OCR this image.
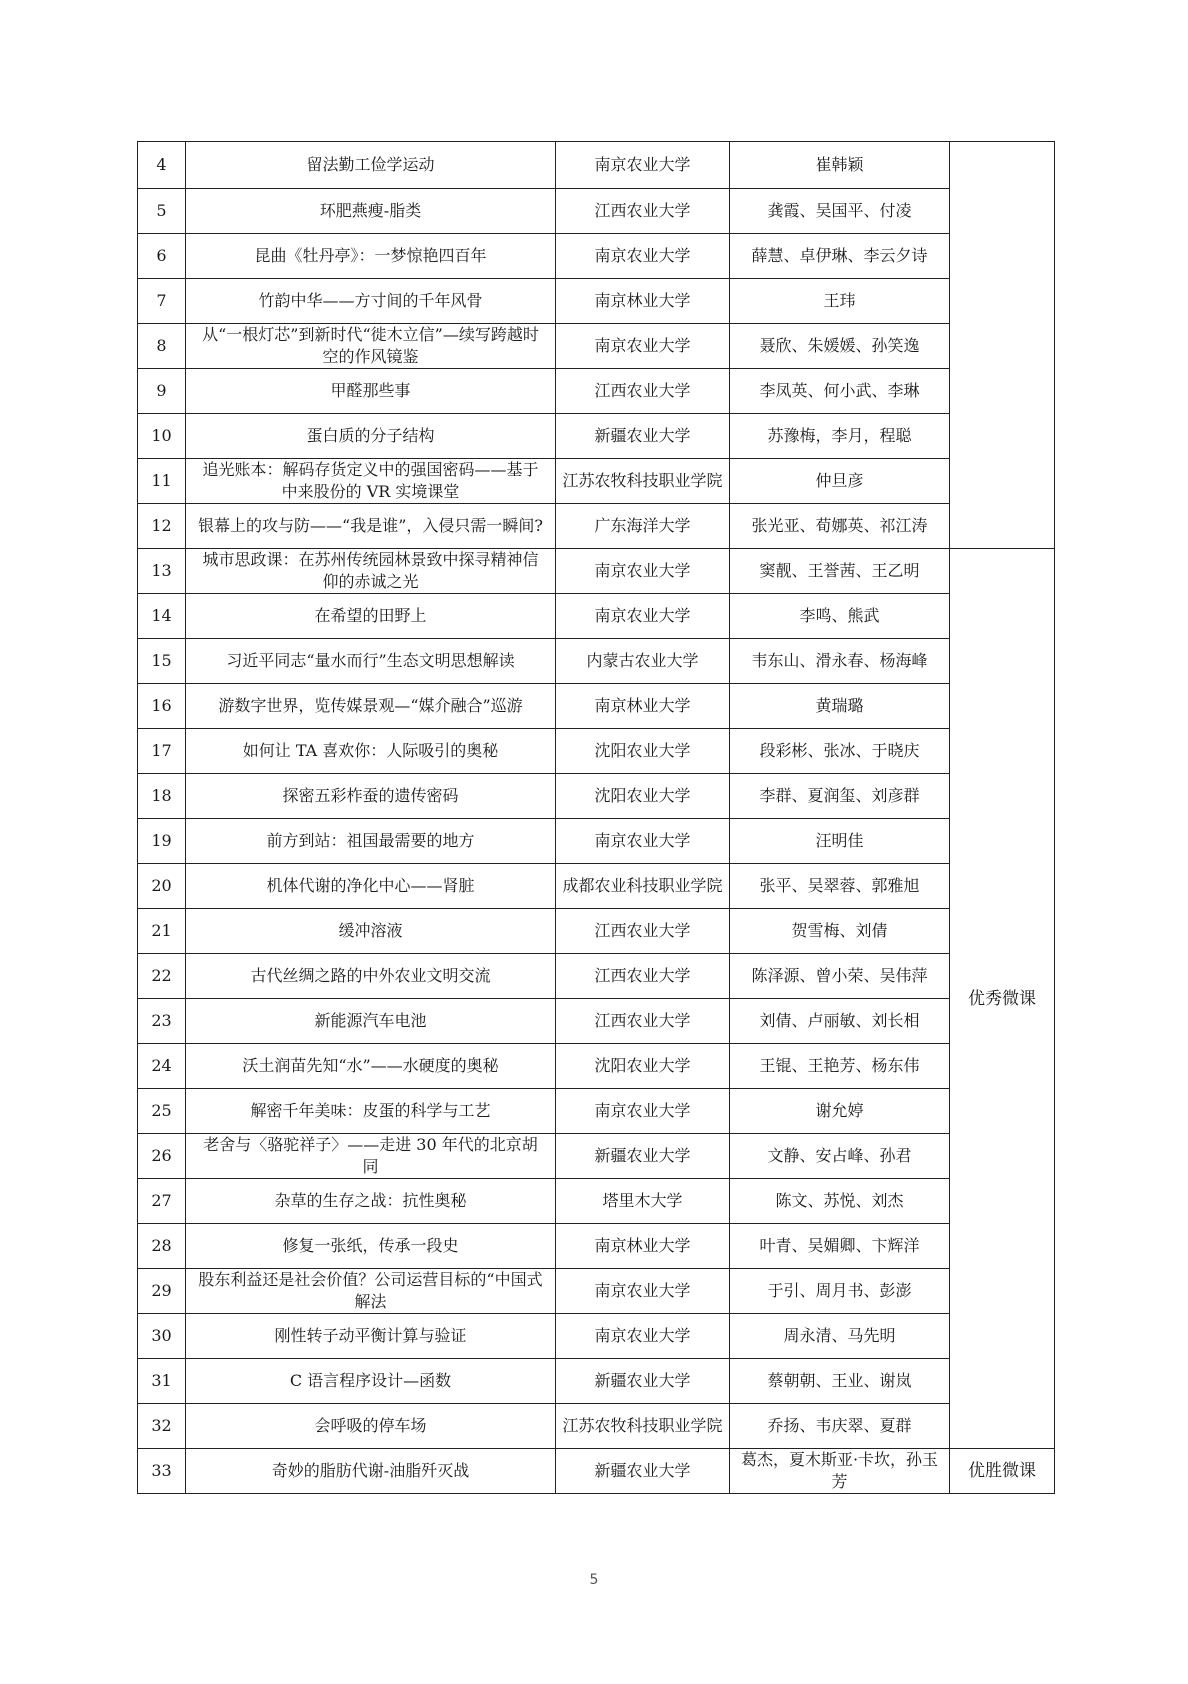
4	留法勤工俭学运动	南京农业大学	崔韩颖	
5	环肥燕瘦-脂类	江西农业大学	龚霞、吴国平、付凌	
6	昆曲《牡丹亭》：一梦惊艳四百年	南京农业大学	薛慧、卓伊琳、李云夕诗	
7	竹韵中华——方寸间的千年风骨	南京林业大学	王玮	
8	从“一根灯芯”到新时代“徙木立信”—续写跨越时空的作风镜鉴	南京农业大学	聂欣、朱媛媛、孙笑逸	
9	甲醛那些事	江西农业大学	李凤英、何小武、李琳	
10	蛋白质的分子结构	新疆农业大学	苏豫梅，李月，程聪	
11	追光账本：解码存货定义中的强国密码——基于中来股份的 VR 实境课堂	江苏农牧科技职业学院	仲旦彦	
12	银幕上的攻与防——“我是谁”，入侵只需一瞬间?	广东海洋大学	张光亚、荀娜英、祁江涛	
13	城市思政课：在苏州传统园林景致中探寻精神信仰的赤诚之光	南京农业大学	窦靓、王誉茜、王乙明	优秀微课
14	在希望的田野上	南京农业大学	李鸣、熊武	
15	习近平同志“量水而行”生态文明思想解读	内蒙古农业大学	韦东山、滑永春、杨海峰	
16	游数字世界，览传媒景观—“媒介融合”巡游	南京林业大学	黄瑞璐	
17	如何让 TA 喜欢你：人际吸引的奥秘	沈阳农业大学	段彩彬、张冰、于晓庆	
18	探密五彩柞蚕的遗传密码	沈阳农业大学	李群、夏润玺、刘彦群	
19	前方到站：祖国最需要的地方	南京农业大学	汪明佳	
20	机体代谢的净化中心——肾脏	成都农业科技职业学院	张平、吴翠蓉、郭雅旭	
21	缓冲溶液	江西农业大学	贺雪梅、刘倩	
22	古代丝绸之路的中外农业文明交流	江西农业大学	陈泽源、曾小荣、吴伟萍	
23	新能源汽车电池	江西农业大学	刘倩、卢丽敏、刘长相	
24	沃土润苗先知“水”——水硬度的奥秘	沈阳农业大学	王锟、王艳芳、杨东伟	
25	解密千年美味：皮蛋的科学与工艺	南京农业大学	谢允婷	
26	老舍与〈骆驼祥子〉——走进 30 年代的北京胡同	新疆农业大学	文静、安占峰、孙君	
27	杂草的生存之战：抗性奥秘	塔里木大学	陈文、苏悦、刘杰	
28	修复一张纸，传承一段史	南京林业大学	叶青、吴媚卿、卞辉洋	
29	股东利益还是社会价值？公司运营目标的“中国式解法	南京农业大学	于引、周月书、彭澎	
30	刚性转子动平衡计算与验证	南京农业大学	周永清、马先明	
31	C 语言程序设计—函数	新疆农业大学	蔡朝朝、王业、谢岚	
32	会呼吸的停车场	江苏农牧科技职业学院	乔扬、韦庆翠、夏群	
33	奇妙的脂肪代谢-油脂歼灭战	新疆农业大学	葛杰，夏木斯亚·卡坎，孙玉芳	优胜微课
5
